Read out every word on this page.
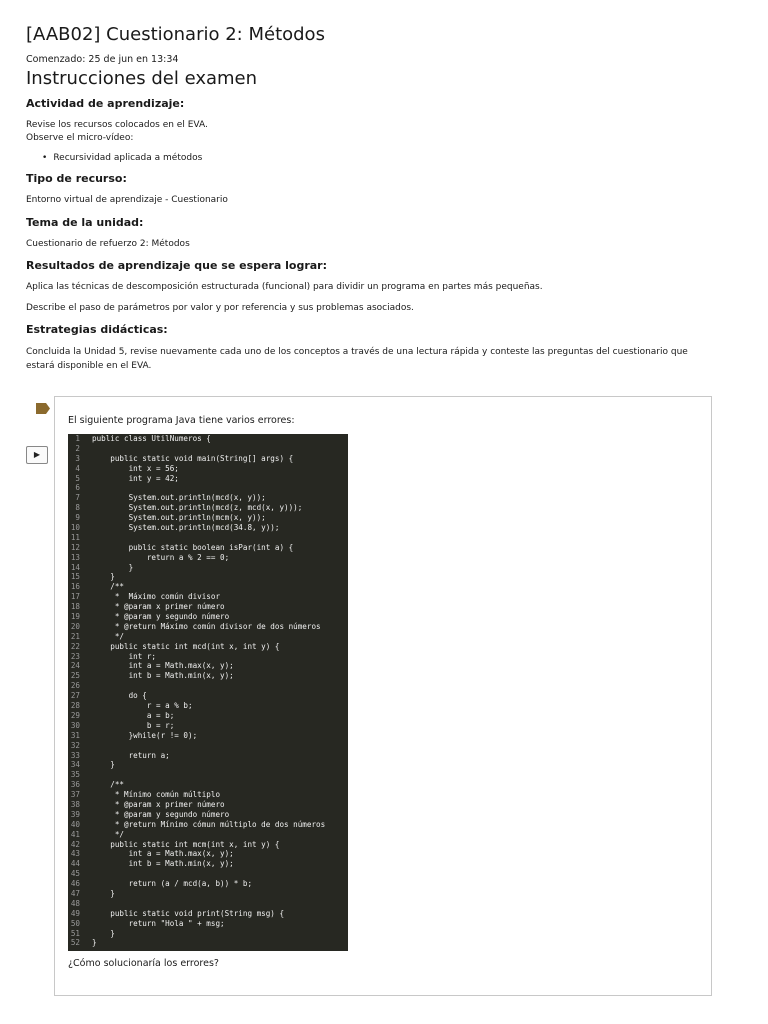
[AAB02] Cuestionario 2: Métodos
Comenzado: 25 de jun en 13:34
Instrucciones del examen
Actividad de aprendizaje:

Revise los recursos colocados en el EVA.

Observe el micro-vídeo:

• Recursividad aplicada a métodos
Tipo de recurso:

Entorno virtual de aprendizaje - Cuestionario

Tema de la unidad:

Cuestionario de refuerzo 2: Métodos

Resultados de aprendizaje que se espera lograr:

Aplica las técnicas de descomposición estructurada (funcional) para dividir un programa en partes más pequeñas.

Describe el paso de parámetros por valor y por referencia y sus problemas asociados.

Estrategias didácticas:

Concluida la Unidad 5, revise nuevamente cada uno de los conceptos a través de una lectura rápida y conteste las preguntas del cuestionario que estará disponible en el EVA.

▶
El siguiente programa Java tiene varios errores:
1 public class UtilNumeros {
2
3    public static void main(String[] args) {
4        int x = 56;
5        int y = 42;
6
7        System.out.println(mcd(x, y));
8        System.out.println(mcd(z, mcd(x, y)));
9        System.out.println(mcm(x, y));
10        System.out.println(mcd(34.8, y));
11
12        public static boolean isPar(int a) {
13            return a % 2 == 0;
14        }
15    }
16    /**
17     *  Máximo común divisor
18     * @param x primer número
19     * @param y segundo número
20     * @return Máximo común divisor de dos números
21     */
22    public static int mcd(int x, int y) {
23        int r;
24        int a = Math.max(x, y);
25        int b = Math.min(x, y);
26
27        do {
28            r = a % b;
29            a = b;
30            b = r;
31        }while(r != 0);
32
33        return a;
34    }
35
36    /**
37     * Mínimo común múltiplo
38     * @param x primer número
39     * @param y segundo número
40     * @return Mínimo cómun múltiplo de dos números
41     */
42    public static int mcm(int x, int y) {
43        int a = Math.max(x, y);
44        int b = Math.min(x, y);
45
46        return (a / mcd(a, b)) * b;
47    }
48
49    public static void print(String msg) {
50        return "Hola " + msg;
51    }
52 }
¿Cómo solucionaría los errores?
